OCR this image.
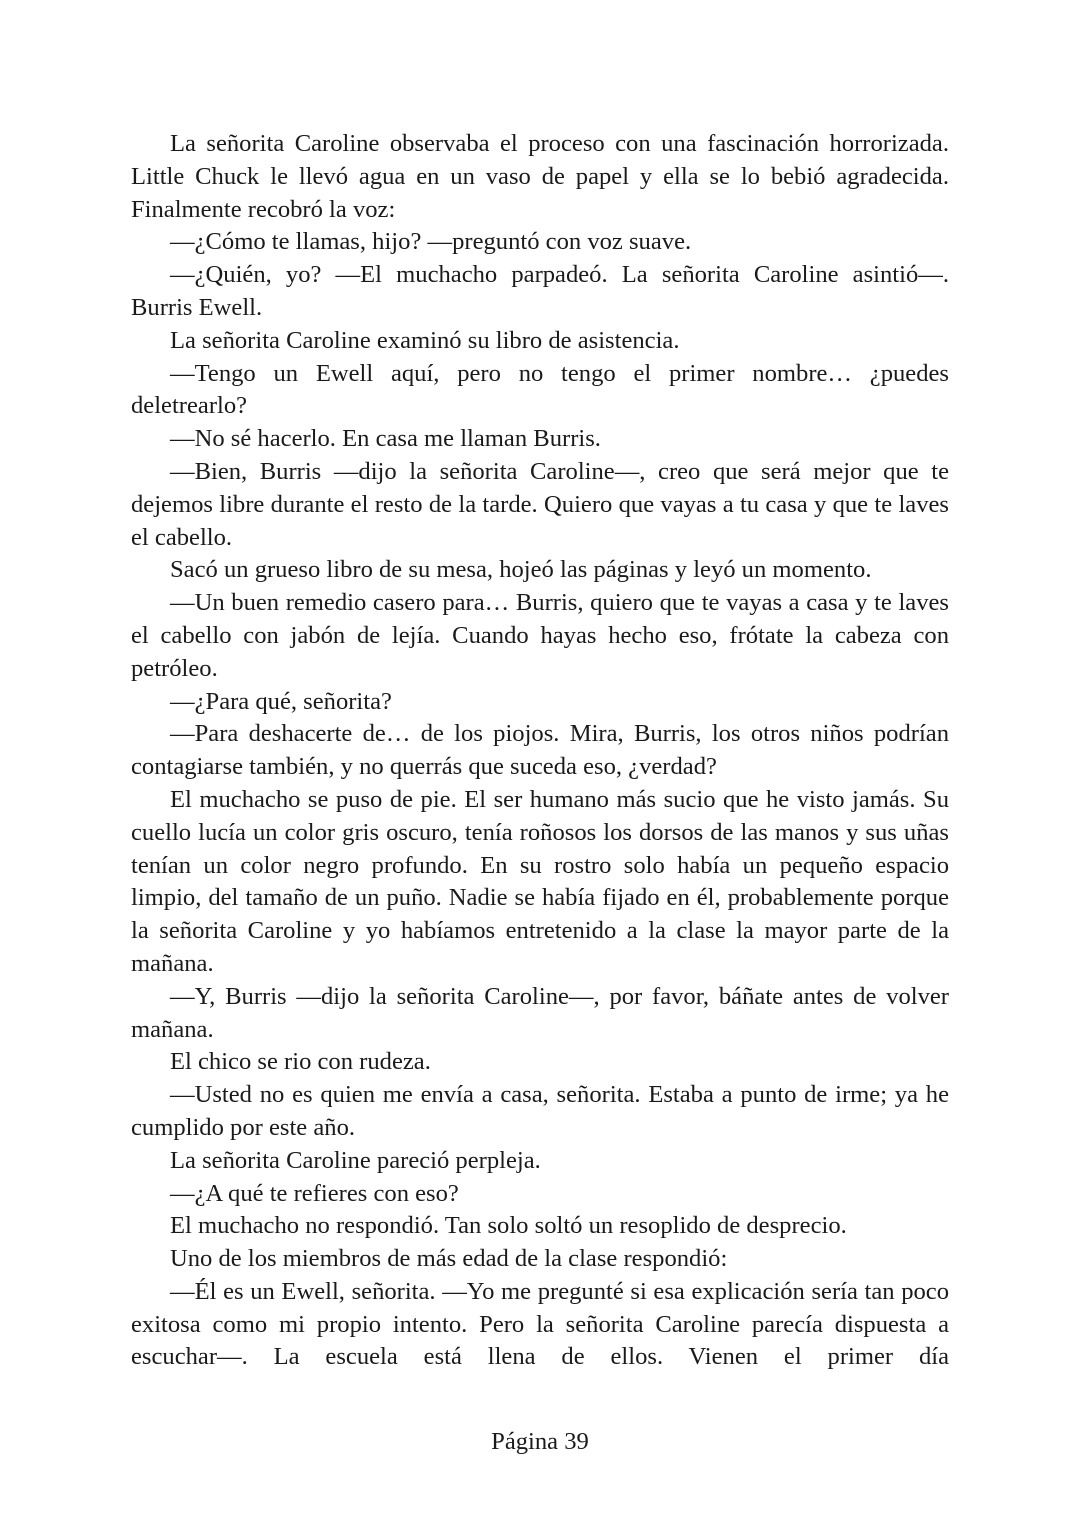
La señorita Caroline observaba el proceso con una fascinación horrorizada. Little Chuck le llevó agua en un vaso de papel y ella se lo bebió agradecida. Finalmente recobró la voz:

—¿Cómo te llamas, hijo? —preguntó con voz suave.

—¿Quién, yo? —El muchacho parpadeó. La señorita Caroline asintió—. Burris Ewell.

La señorita Caroline examinó su libro de asistencia.

—Tengo un Ewell aquí, pero no tengo el primer nombre… ¿puedes deletrearlo?

—No sé hacerlo. En casa me llaman Burris.

—Bien, Burris —dijo la señorita Caroline—, creo que será mejor que te dejemos libre durante el resto de la tarde. Quiero que vayas a tu casa y que te laves el cabello.

Sacó un grueso libro de su mesa, hojeó las páginas y leyó un momento.

—Un buen remedio casero para… Burris, quiero que te vayas a casa y te laves el cabello con jabón de lejía. Cuando hayas hecho eso, frótate la cabeza con petróleo.

—¿Para qué, señorita?

—Para deshacerte de… de los piojos. Mira, Burris, los otros niños podrían contagiarse también, y no querrás que suceda eso, ¿verdad?

El muchacho se puso de pie. El ser humano más sucio que he visto jamás. Su cuello lucía un color gris oscuro, tenía roñosos los dorsos de las manos y sus uñas tenían un color negro profundo. En su rostro solo había un pequeño espacio limpio, del tamaño de un puño. Nadie se había fijado en él, probablemente porque la señorita Caroline y yo habíamos entretenido a la clase la mayor parte de la mañana.

—Y, Burris —dijo la señorita Caroline—, por favor, báñate antes de volver mañana.

El chico se rio con rudeza.

—Usted no es quien me envía a casa, señorita. Estaba a punto de irme; ya he cumplido por este año.

La señorita Caroline pareció perpleja.

—¿A qué te refieres con eso?

El muchacho no respondió. Tan solo soltó un resoplido de desprecio.

Uno de los miembros de más edad de la clase respondió:

—Él es un Ewell, señorita. —Yo me pregunté si esa explicación sería tan poco exitosa como mi propio intento. Pero la señorita Caroline parecía dispuesta a escuchar—. La escuela está llena de ellos. Vienen el primer día

Página 39
